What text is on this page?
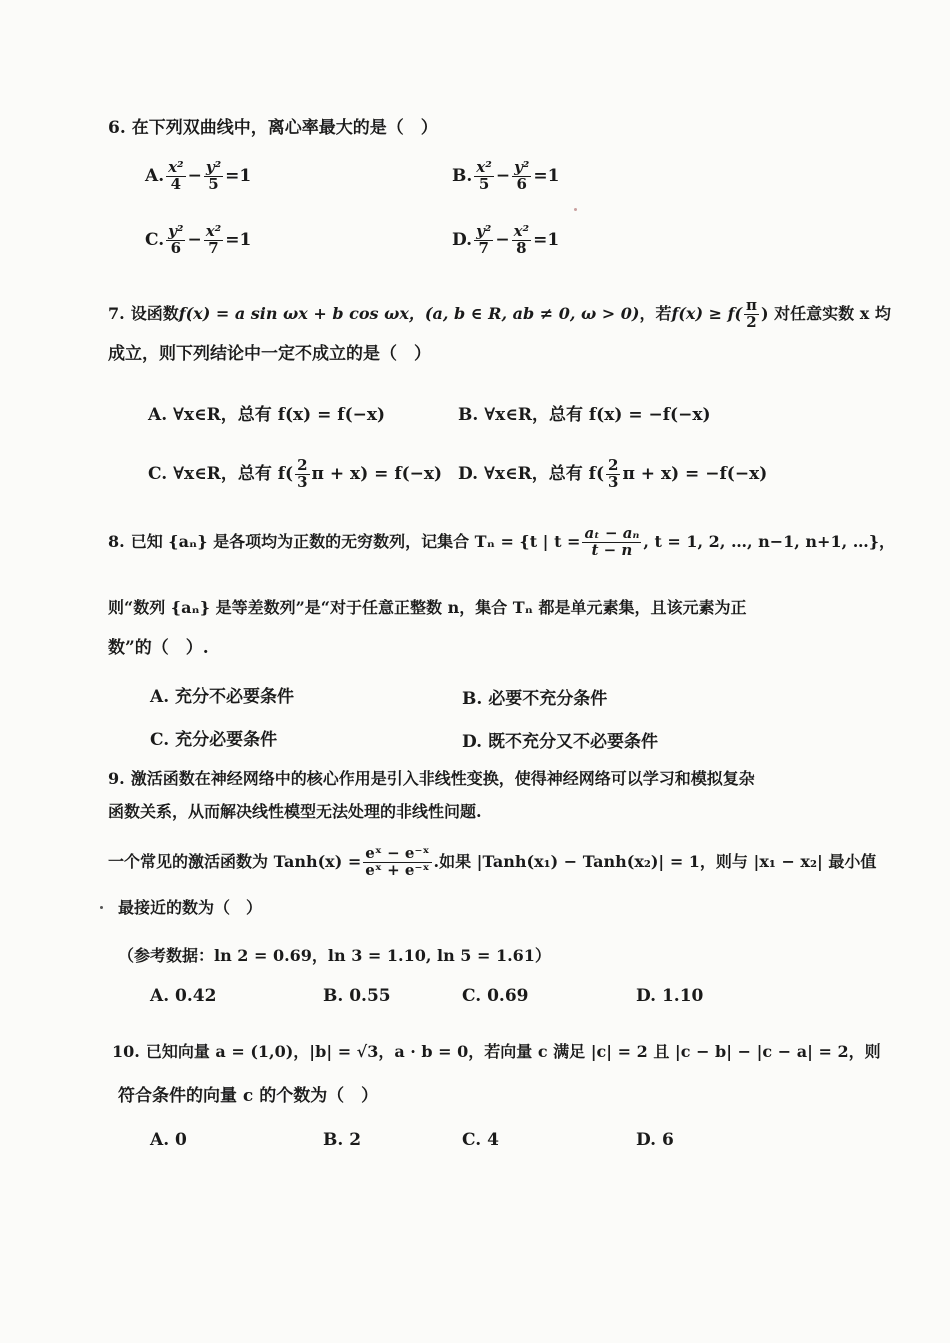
6. 在下列双曲线中，离心率最大的是（　）
A. $\frac{\text{x²}}{4} - \frac{\text{y²}}{5} =1$	B. $\frac{\text{x²}}{5} - \frac{\text{y²}}{6} =1$
C. $\frac{\text{y²}}{6} - \frac{\text{x²}}{7} =1$	D. $\frac{\text{y²}}{7} - \frac{\text{x²}}{8} =1$
7. 设函数f(x) = a sin ωx + b cos ωx，(a, b ∈ R, ab ≠ 0, ω > 0)，若$f(x) \ge f( \frac{\pi}{2}$ ) 对任意实数 x 均
成立，则下列结论中一定不成立的是（　）
A. ∀x∈R，总有 f(x) = f(−x)	B. ∀x∈R，总有 f(x) = −f(−x)
C. ∀x∈R，总有 $f( \frac{2}{3}$ π + x) = f(−x) D. ∀x∈R，总有 $f( \frac{2}{3}$ π + x) = −f(−x)
8. 已知 {aₙ} 是各项均为正数的无穷数列，记集合 Tₙ = {t | $t = \frac{\text{aₜ − aₙ}}{t - n}$ , t = 1, 2, …, n−1, n+1, …}，
则“数列 {aₙ} 是等差数列”是“对于任意正整数 n，集合 Tₙ 都是单元素集，且该元素为正
数”的（　）.
A. 充分不必要条件	B. 必要不充分条件
C. 充分必要条件	D. 既不充分又不必要条件
9. 激活函数在神经网络中的核心作用是引入非线性变换，使得神经网络可以学习和模拟复杂
函数关系，从而解决线性模型无法处理的非线性问题.
一个常见的激活函数为 Tanh(x) = $\frac{\text{eˣ − e⁻ˣ}}{\text{eˣ + e⁻ˣ}}$ .如果 |Tanh(x₁) − Tanh(x₂)| = 1，则与 |x₁ − x₂| 最小值
最接近的数为（　）
（参考数据：ln 2 = 0.69，ln 3 = 1.10, ln 5 = 1.61）
A. 0.42	B. 0.55	C. 0.69	D. 1.10
10. 已知向量 a = (1,0)，|b| = √3，a · b = 0，若向量 c 满足 |c| = 2 且 |c − b| − |c − a| = 2，则
符合条件的向量 c 的个数为（　）
A. 0	B. 2	C. 4	D. 6
